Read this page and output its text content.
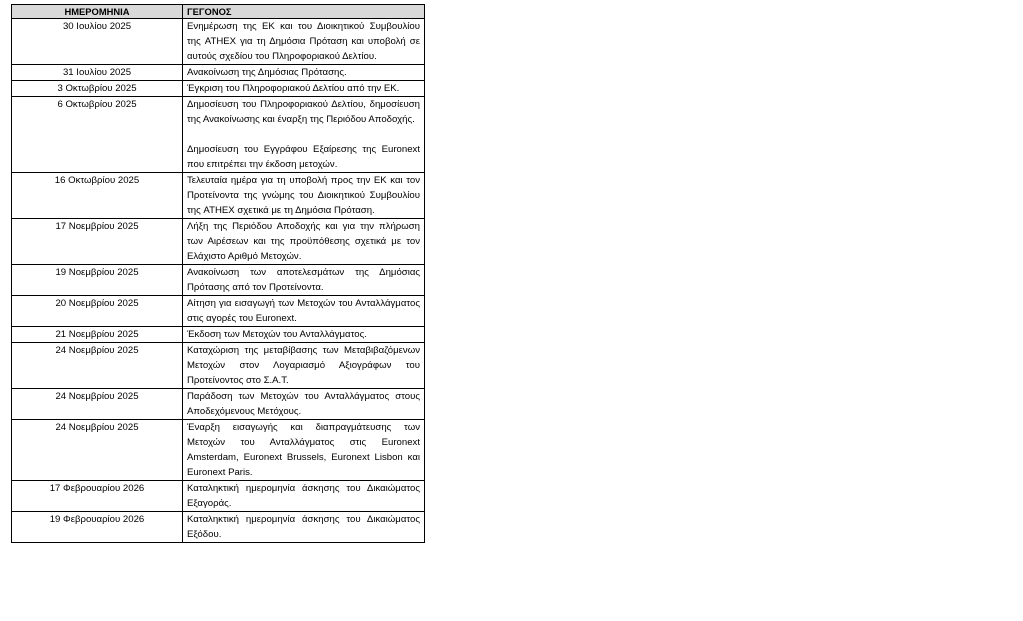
ΗΜΕΡΟΜΗΝΙΑ	ΓΕΓΟΝΟΣ
30 Ιουλίου 2025	Ενημέρωση της ΕΚ και του Διοικητικού Συμβουλίου της ATHEX για τη Δημόσια Πρόταση και υποβολή σε αυτούς σχεδίου του Πληροφοριακού Δελτίου.

31 Ιουλίου 2025	Ανακοίνωση της Δημόσιας Πρότασης.

3 Οκτωβρίου 2025	Έγκριση του Πληροφοριακού Δελτίου από την ΕΚ.

6 Οκτωβρίου 2025	Δημοσίευση του Πληροφοριακού Δελτίου, δημοσίευση της Ανακοίνωσης και έναρξη της Περιόδου Αποδοχής.

Δημοσίευση του Εγγράφου Εξαίρεσης της Euronext που επιτρέπει την έκδοση μετοχών.

16 Οκτωβρίου 2025	Τελευταία ημέρα για τη υποβολή προς την ΕΚ και τον Προτείνοντα της γνώμης του Διοικητικού Συμβουλίου της ATHEX σχετικά με τη Δημόσια Πρόταση.

17 Νοεμβρίου 2025	Λήξη της Περιόδου Αποδοχής και για την πλήρωση των Αιρέσεων και της προϋπόθεσης σχετικά με τον Ελάχιστο Αριθμό Μετοχών.

19 Νοεμβρίου 2025	Ανακοίνωση των αποτελεσμάτων της Δημόσιας Πρότασης από τον Προτείνοντα.

20 Νοεμβρίου 2025	Αίτηση για εισαγωγή των Μετοχών του Ανταλλάγματος στις αγορές του Euronext.

21 Νοεμβρίου 2025	Έκδοση των Μετοχών του Ανταλλάγματος.

24 Νοεμβρίου 2025	Καταχώριση της μεταβίβασης των Μεταβιβαζόμενων Μετοχών στον Λογαριασμό Αξιογράφων του Προτείνοντος στο Σ.Α.Τ.

24 Νοεμβρίου 2025	Παράδοση των Μετοχών του Ανταλλάγματος στους Αποδεχόμενους Μετόχους.

24 Νοεμβρίου 2025	Έναρξη εισαγωγής και διαπραγμάτευσης των Μετοχών του Ανταλλάγματος στις Euronext Amsterdam, Euronext Brussels, Euronext Lisbon και Euronext Paris.

17 Φεβρουαρίου 2026	Καταληκτική ημερομηνία άσκησης του Δικαιώματος Εξαγοράς.

19 Φεβρουαρίου 2026	Καταληκτική ημερομηνία άσκησης του Δικαιώματος Εξόδου.
